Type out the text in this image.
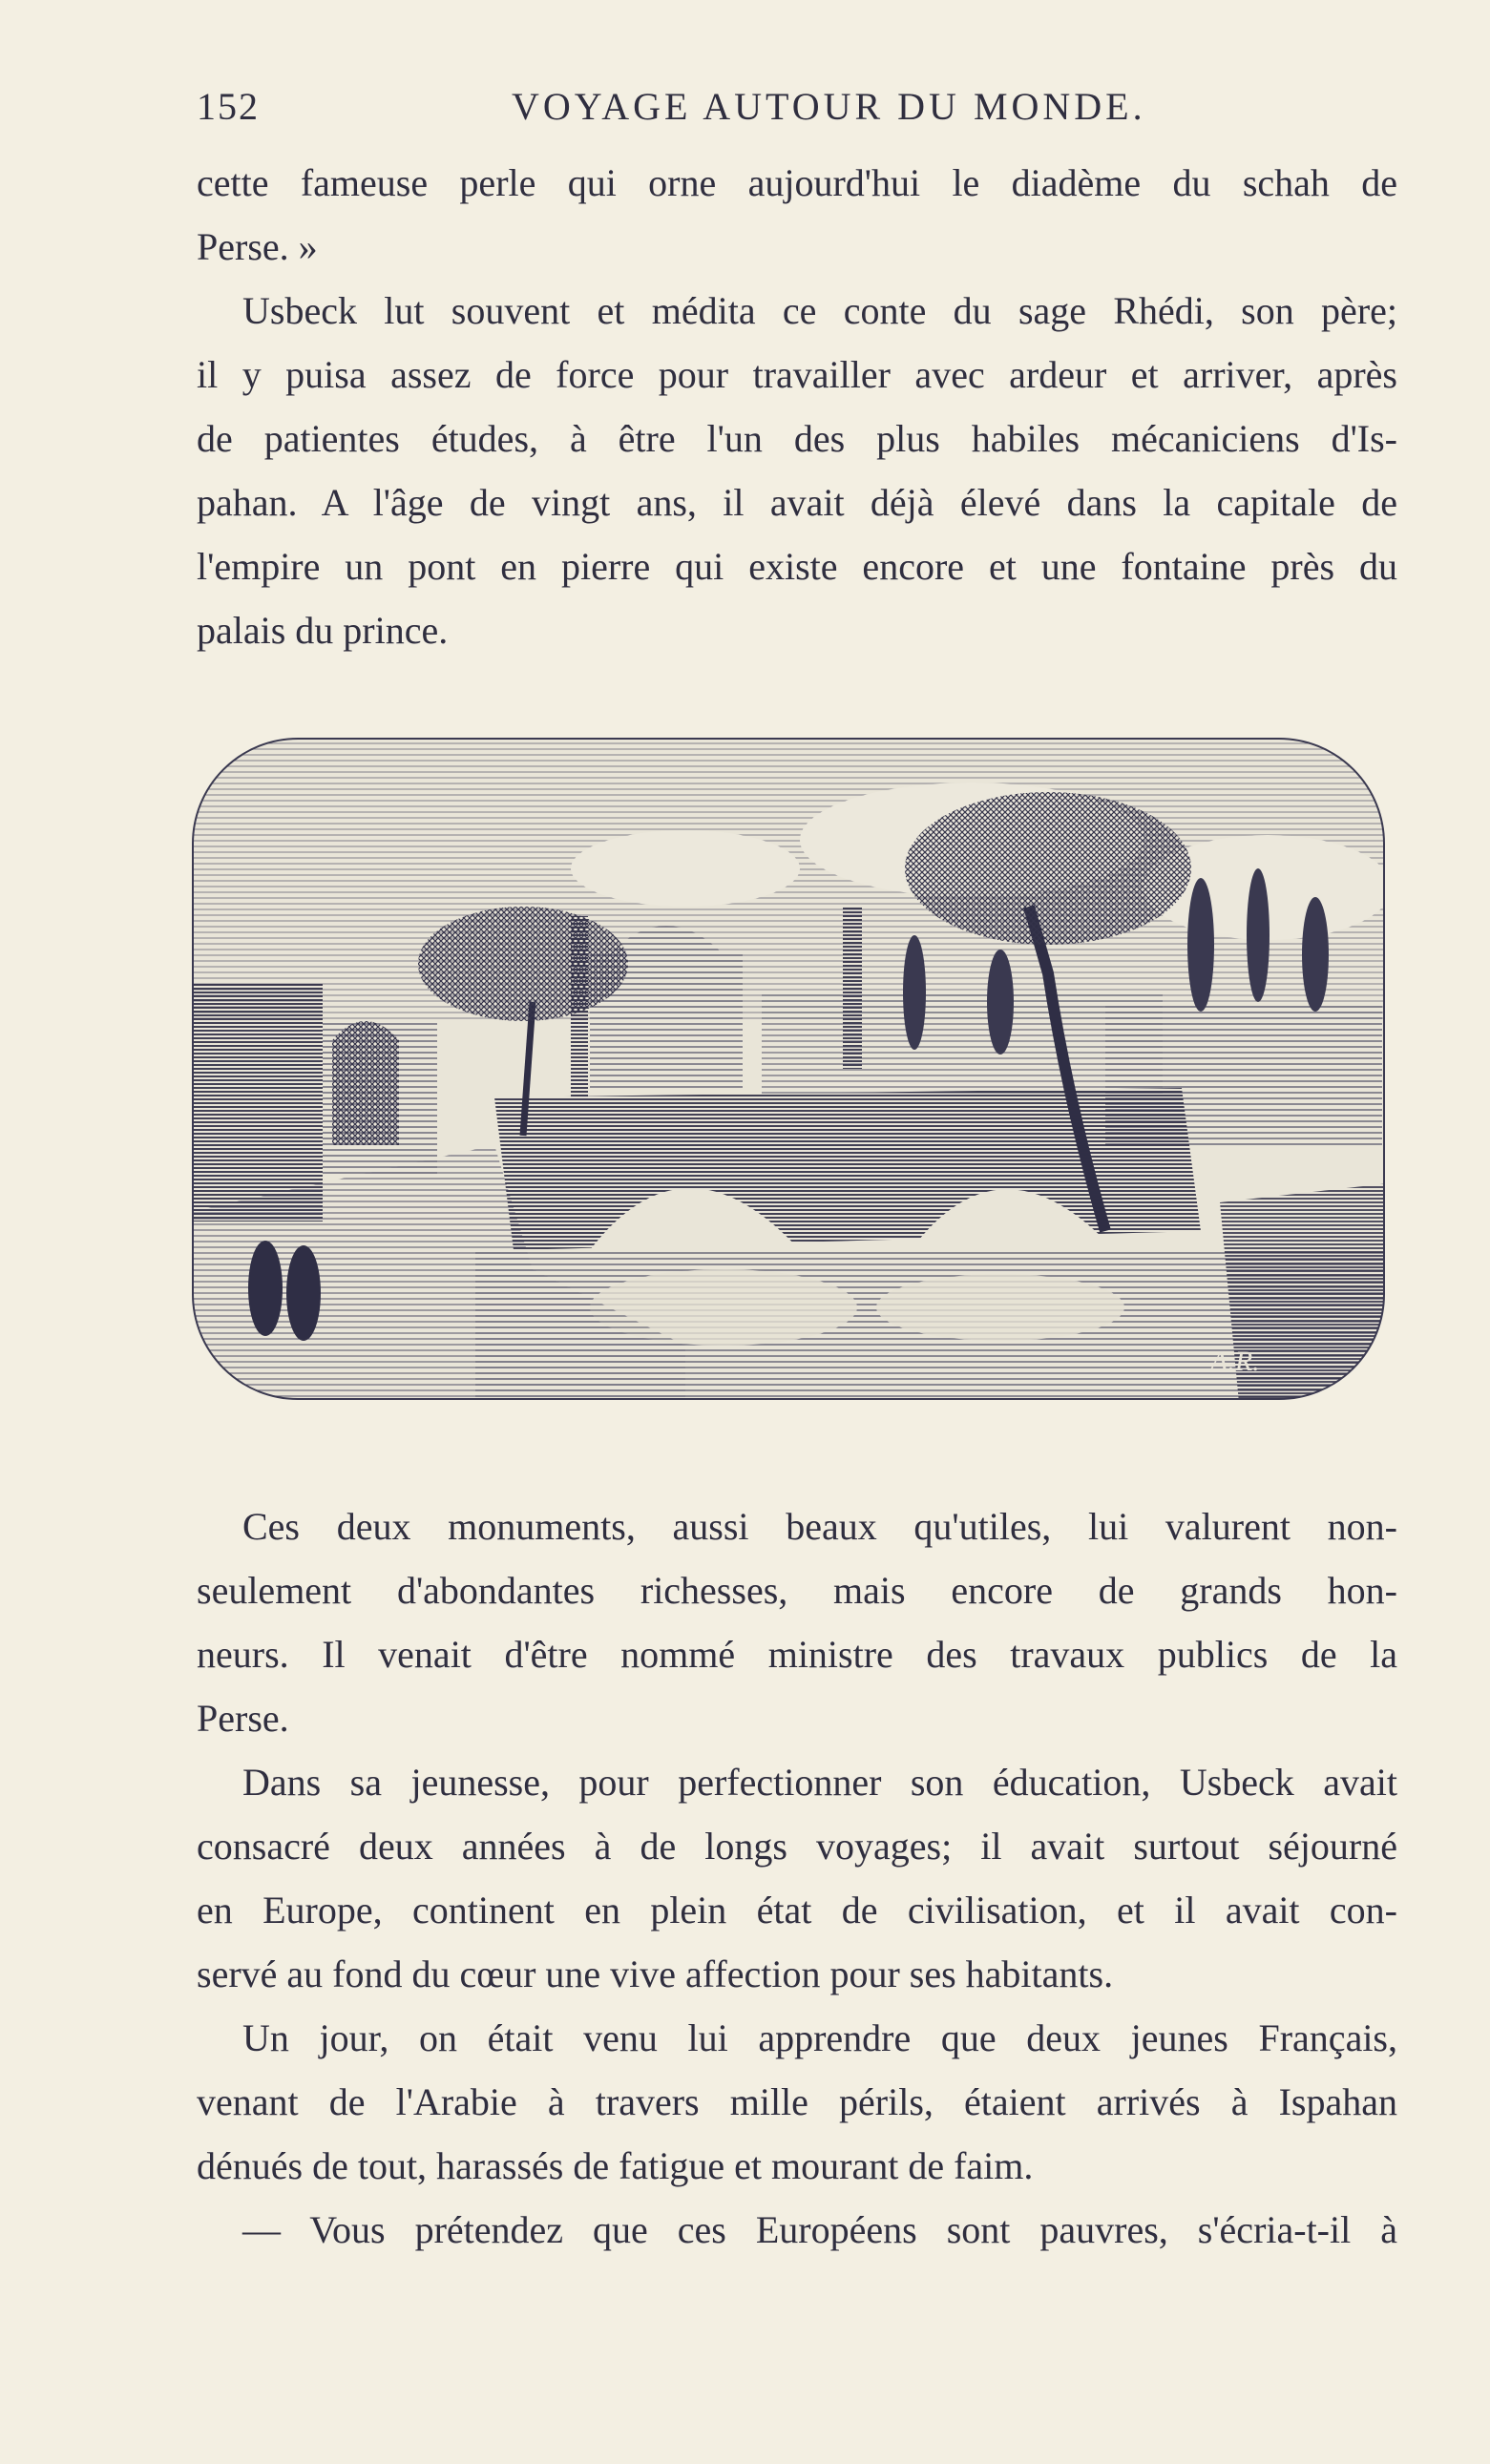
152	VOYAGE AUTOUR DU MONDE.
cette fameuse perle qui orne aujourd'hui le diadème du schah de
Perse. »
Usbeck lut souvent et médita ce conte du sage Rhédi, son père;
il y puisa assez de force pour travailler avec ardeur et arriver, après
de patientes études, à être l'un des plus habiles mécaniciens d'Is-
pahan. A l'âge de vingt ans, il avait déjà élevé dans la capitale de
l'empire un pont en pierre qui existe encore et une fontaine près du
palais du prince.
A.R.
Ces deux monuments, aussi beaux qu'utiles, lui valurent non-
seulement d'abondantes richesses, mais encore de grands hon-
neurs. Il venait d'être nommé ministre des travaux publics de la
Perse.
Dans sa jeunesse, pour perfectionner son éducation, Usbeck avait
consacré deux années à de longs voyages; il avait surtout séjourné
en Europe, continent en plein état de civilisation, et il avait con-
servé au fond du cœur une vive affection pour ses habitants.
Un jour, on était venu lui apprendre que deux jeunes Français,
venant de l'Arabie à travers mille périls, étaient arrivés à Ispahan
dénués de tout, harassés de fatigue et mourant de faim.
— Vous prétendez que ces Européens sont pauvres, s'écria-t-il à
